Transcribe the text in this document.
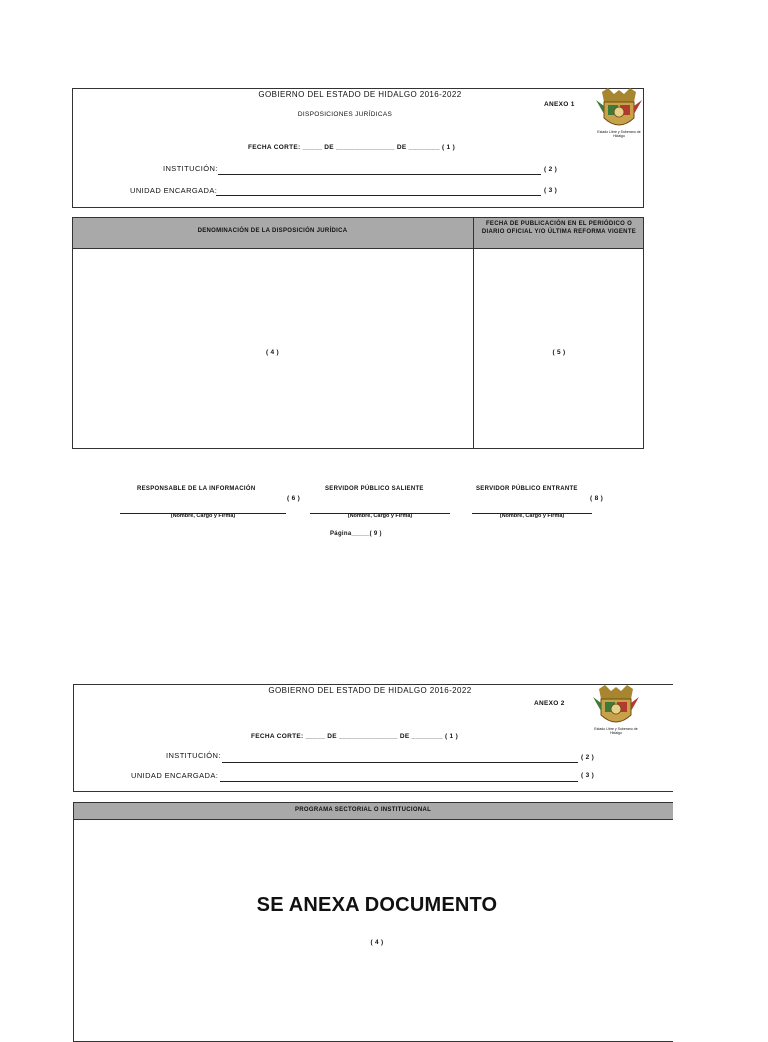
GOBIERNO DEL ESTADO DE HIDALGO 2016-2022
ANEXO 1
DISPOSICIONES JURÍDICAS
Estado Libre y Soberano de Hidalgo
FECHA CORTE: _____ DE _______________ DE ________ ( 1 )
INSTITUCIÓN:	( 2 )
UNIDAD ENCARGADA:	( 3 )
DENOMINACIÓN DE LA DISPOSICIÓN JURÍDICA
FECHA DE PUBLICACIÓN EN EL PERIÓDICO O DIARIO OFICIAL Y/O ÚLTIMA REFORMA VIGENTE
( 4 )	( 5 )
RESPONSABLE DE LA INFORMACIÓN
( 6 )
(Nombre, Cargo y Firma)
SERVIDOR PÚBLICO SALIENTE
(Nombre, Cargo y Firma)
SERVIDOR PÚBLICO ENTRANTE
( 8 )
(Nombre, Cargo y Firma)
Página_____( 9 )
GOBIERNO DEL ESTADO DE HIDALGO 2016-2022
ANEXO 2
Estado Libre y Soberano de Hidalgo
FECHA CORTE: _____ DE _______________ DE ________ ( 1 )
INSTITUCIÓN:	( 2 )
UNIDAD ENCARGADA:	( 3 )
PROGRAMA SECTORIAL O INSTITUCIONAL
SE ANEXA DOCUMENTO
( 4 )
